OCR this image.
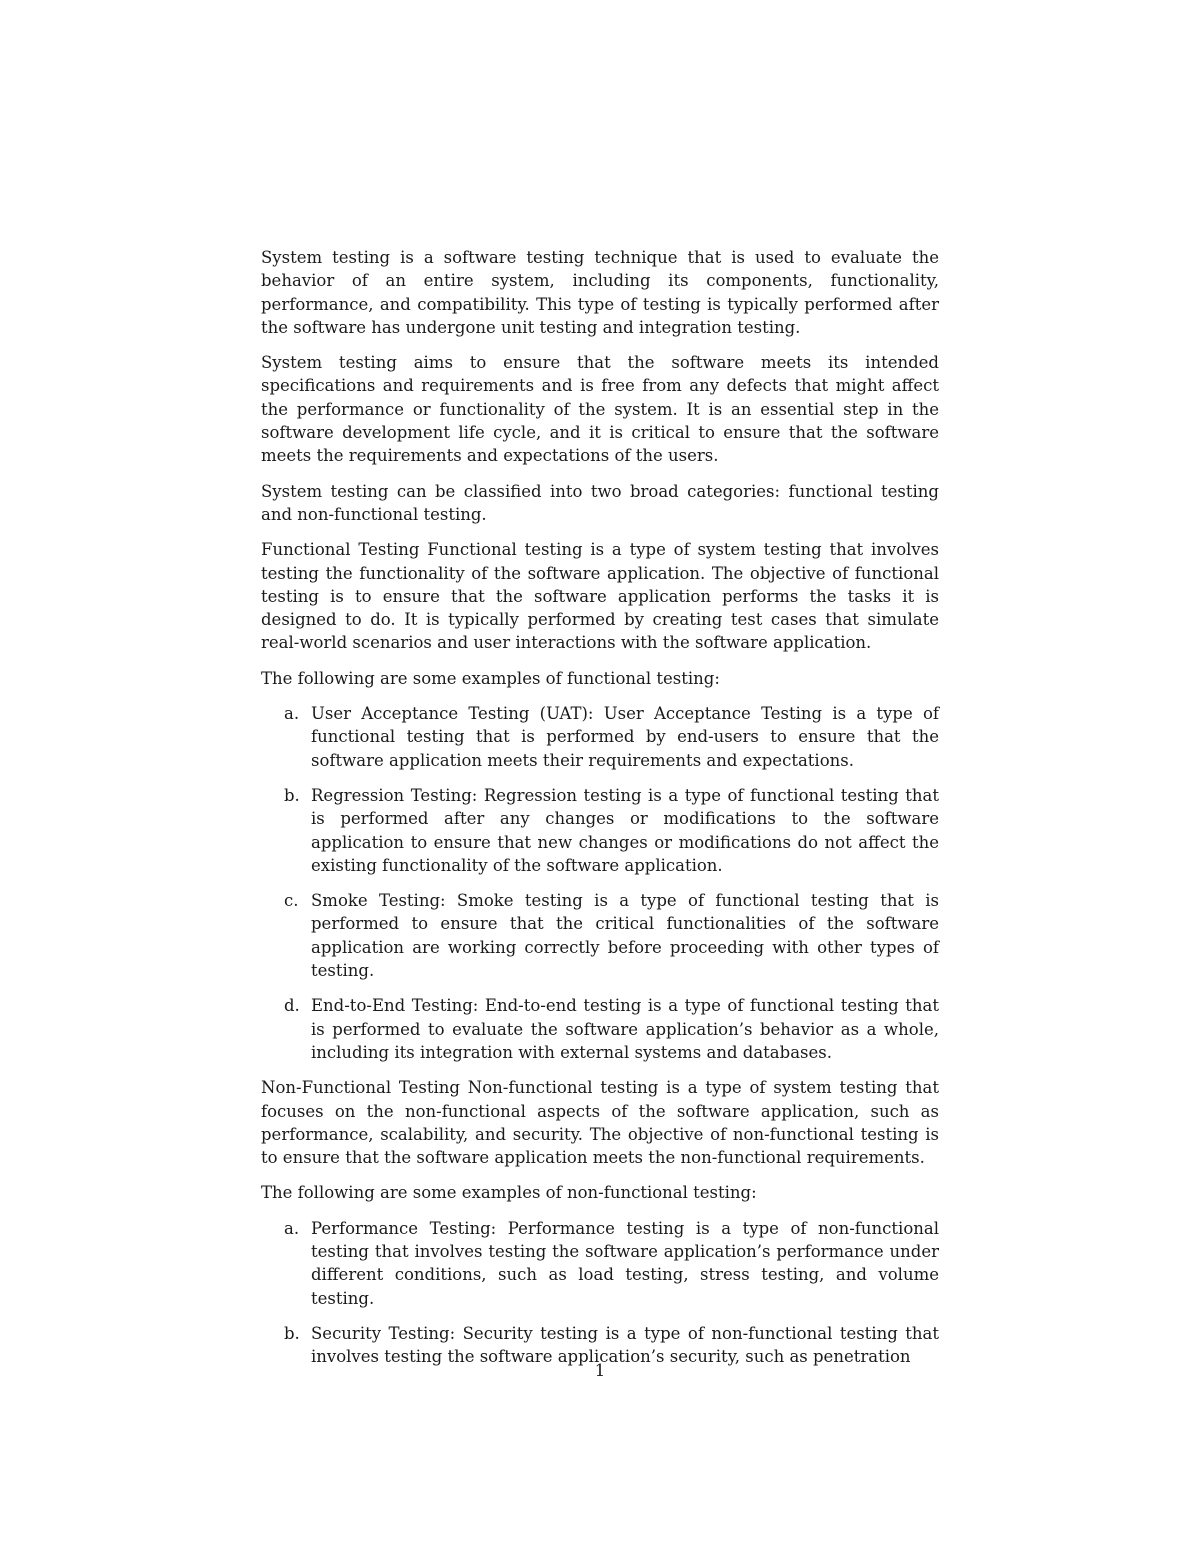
System testing is a software testing technique that is used to evaluate the behavior of an entire system, including its components, functionality, performance, and compatibility. This type of testing is typically performed after the software has undergone unit testing and integration testing.

System testing aims to ensure that the software meets its intended specifications and requirements and is free from any defects that might affect the performance or functionality of the system. It is an essential step in the software development life cycle, and it is critical to ensure that the software meets the requirements and expectations of the users.

System testing can be classified into two broad categories: functional testing and non-functional testing.

Functional Testing Functional testing is a type of system testing that involves testing the functionality of the software application. The objective of functional testing is to ensure that the software application performs the tasks it is designed to do. It is typically performed by creating test cases that simulate real-world scenarios and user interactions with the software application.

The following are some examples of functional testing:

a. User Acceptance Testing (UAT): User Acceptance Testing is a type of functional testing that is performed by end-users to ensure that the software application meets their requirements and expectations.
b. Regression Testing: Regression testing is a type of functional testing that is performed after any changes or modifications to the software application to ensure that new changes or modifications do not affect the existing functionality of the software application.
c. Smoke Testing: Smoke testing is a type of functional testing that is performed to ensure that the critical functionalities of the software application are working correctly before proceeding with other types of testing.
d. End-to-End Testing: End-to-end testing is a type of functional testing that is performed to evaluate the software application’s behavior as a whole, including its integration with external systems and databases.

Non-Functional Testing Non-functional testing is a type of system testing that focuses on the non-functional aspects of the software application, such as performance, scalability, and security. The objective of non-functional testing is to ensure that the software application meets the non-functional requirements.

The following are some examples of non-functional testing:

a. Performance Testing: Performance testing is a type of non-functional testing that involves testing the software application’s performance under different conditions, such as load testing, stress testing, and volume testing.
b. Security Testing: Security testing is a type of non-functional testing that involves testing the software application’s security, such as penetration
1
